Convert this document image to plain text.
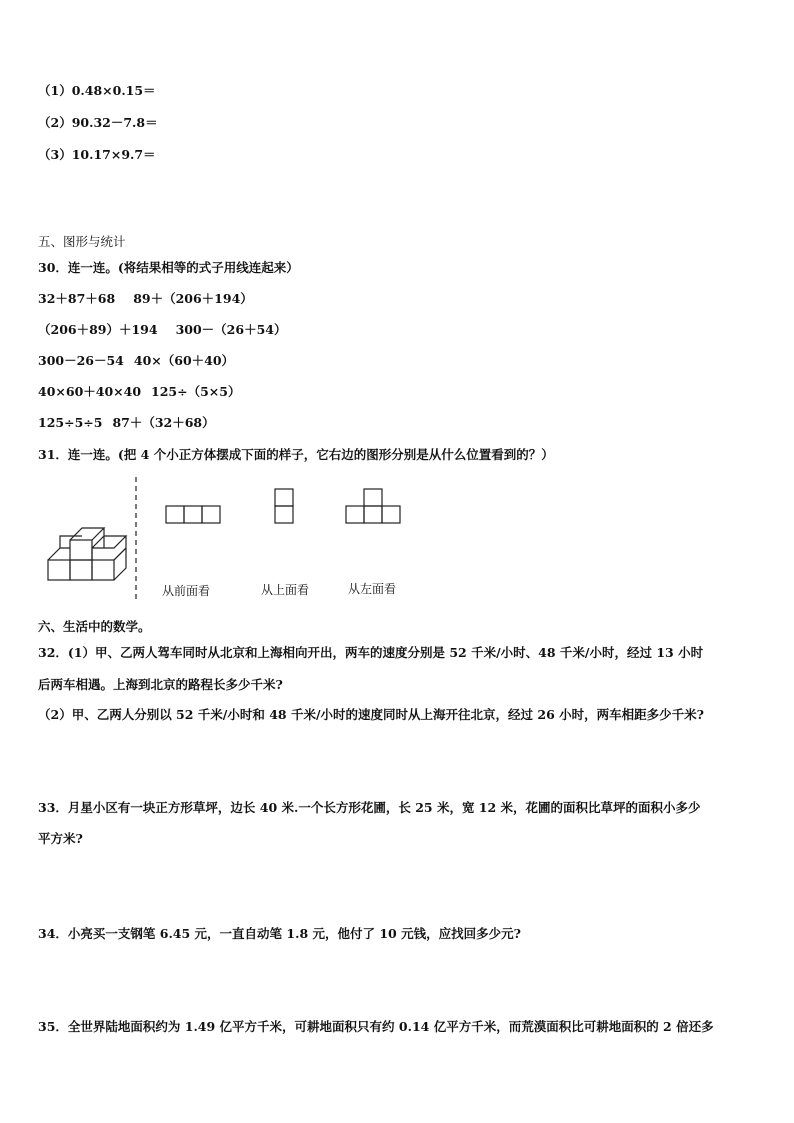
（1）0.48×0.15＝
（2）90.32－7.8＝
（3）10.17×9.7＝
五、图形与统计
30．连一连。(将结果相等的式子用线连起来）
32＋87＋68 89＋（206＋194）
（206＋89）＋194 300－（26＋54）
300－26－54 40×（60＋40）
40×60＋40×40 125÷（5×5）
125÷5÷5 87＋（32＋68）
31．连一连。(把 4 个小正方体摆成下面的样子，它右边的图形分别是从什么位置看到的？）
从前面看	从上面看	从左面看
六、生活中的数学。
32．(1）甲、乙两人驾车同时从北京和上海相向开出，两车的速度分别是 52 千米/小时、48 千米/小时，经过 13 小时
后两车相遇。上海到北京的路程长多少千米?
（2）甲、乙两人分别以 52 千米/小时和 48 千米/小时的速度同时从上海开往北京，经过 26 小时，两车相距多少千米?
33．月星小区有一块正方形草坪，边长 40 米.一个长方形花圃，长 25 米，宽 12 米，花圃的面积比草坪的面积小多少
平方米?
34．小亮买一支钢笔 6.45 元，一直自动笔 1.8 元，他付了 10 元钱，应找回多少元?
35．全世界陆地面积约为 1.49 亿平方千米，可耕地面积只有约 0.14 亿平方千米，而荒漠面积比可耕地面积的 2 倍还多
